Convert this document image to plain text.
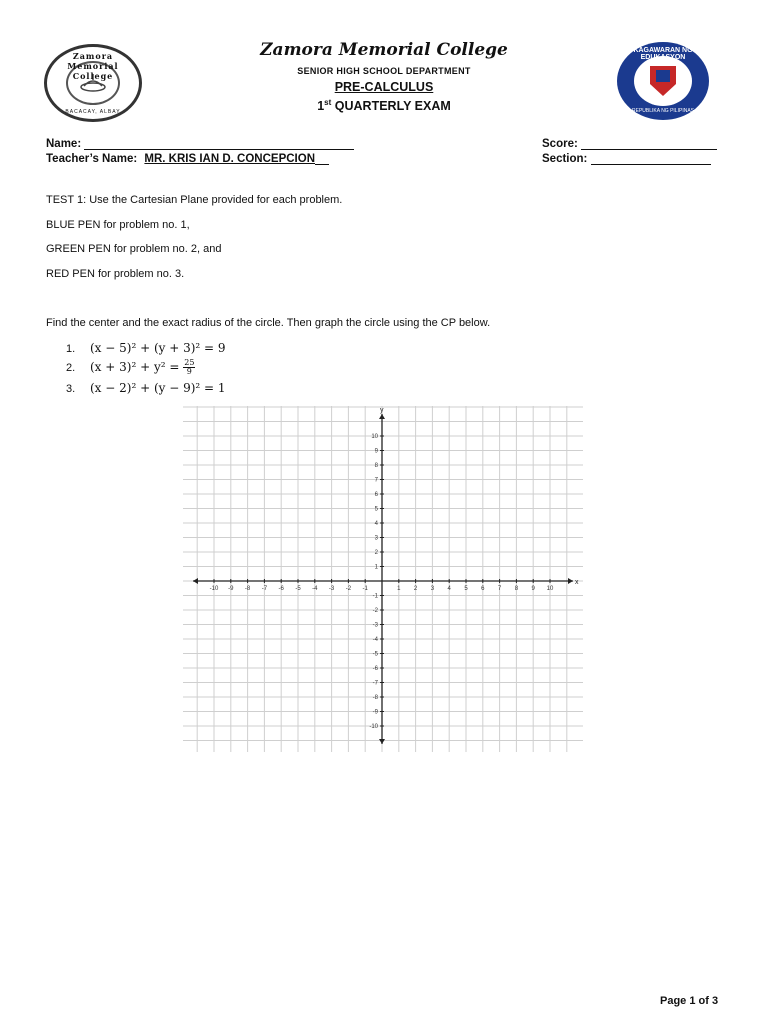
Zamora Memorial College
BACACAY, ALBAY
KAGAWARAN NG EDUKASYON
REPUBLIKA NG PILIPINAS
Zamora Memorial College
SENIOR HIGH SCHOOL DEPARTMENT
PRE-CALCULUS
1st QUARTERLY EXAM
Name:
Teacher’s Name: MR. KRIS IAN D. CONCEPCION
Score:
Section:
TEST 1: Use the Cartesian Plane provided for each problem.
BLUE PEN for problem no. 1,
GREEN PEN for problem no. 2, and
RED PEN for problem no. 3.
Find the center and the exact radius of the circle. Then graph the circle using the CP below.
1. (x − 5)² + (y + 3)² = 9
2. $(x + 3)^2 + y^2 = \frac{25}{9}$
3. (x − 2)² + (y − 9)² = 1
x
y
-10 -9 -8 -7 -6 -5 -4 -3 -2 -1	1 2 3 4 5 6 7 8 9 10
10
9
8
7
6
5
4
3
2
1
-1
-2
-3
-4
-5
-6
-7
-8
-9
-10
Page 1 of 3
